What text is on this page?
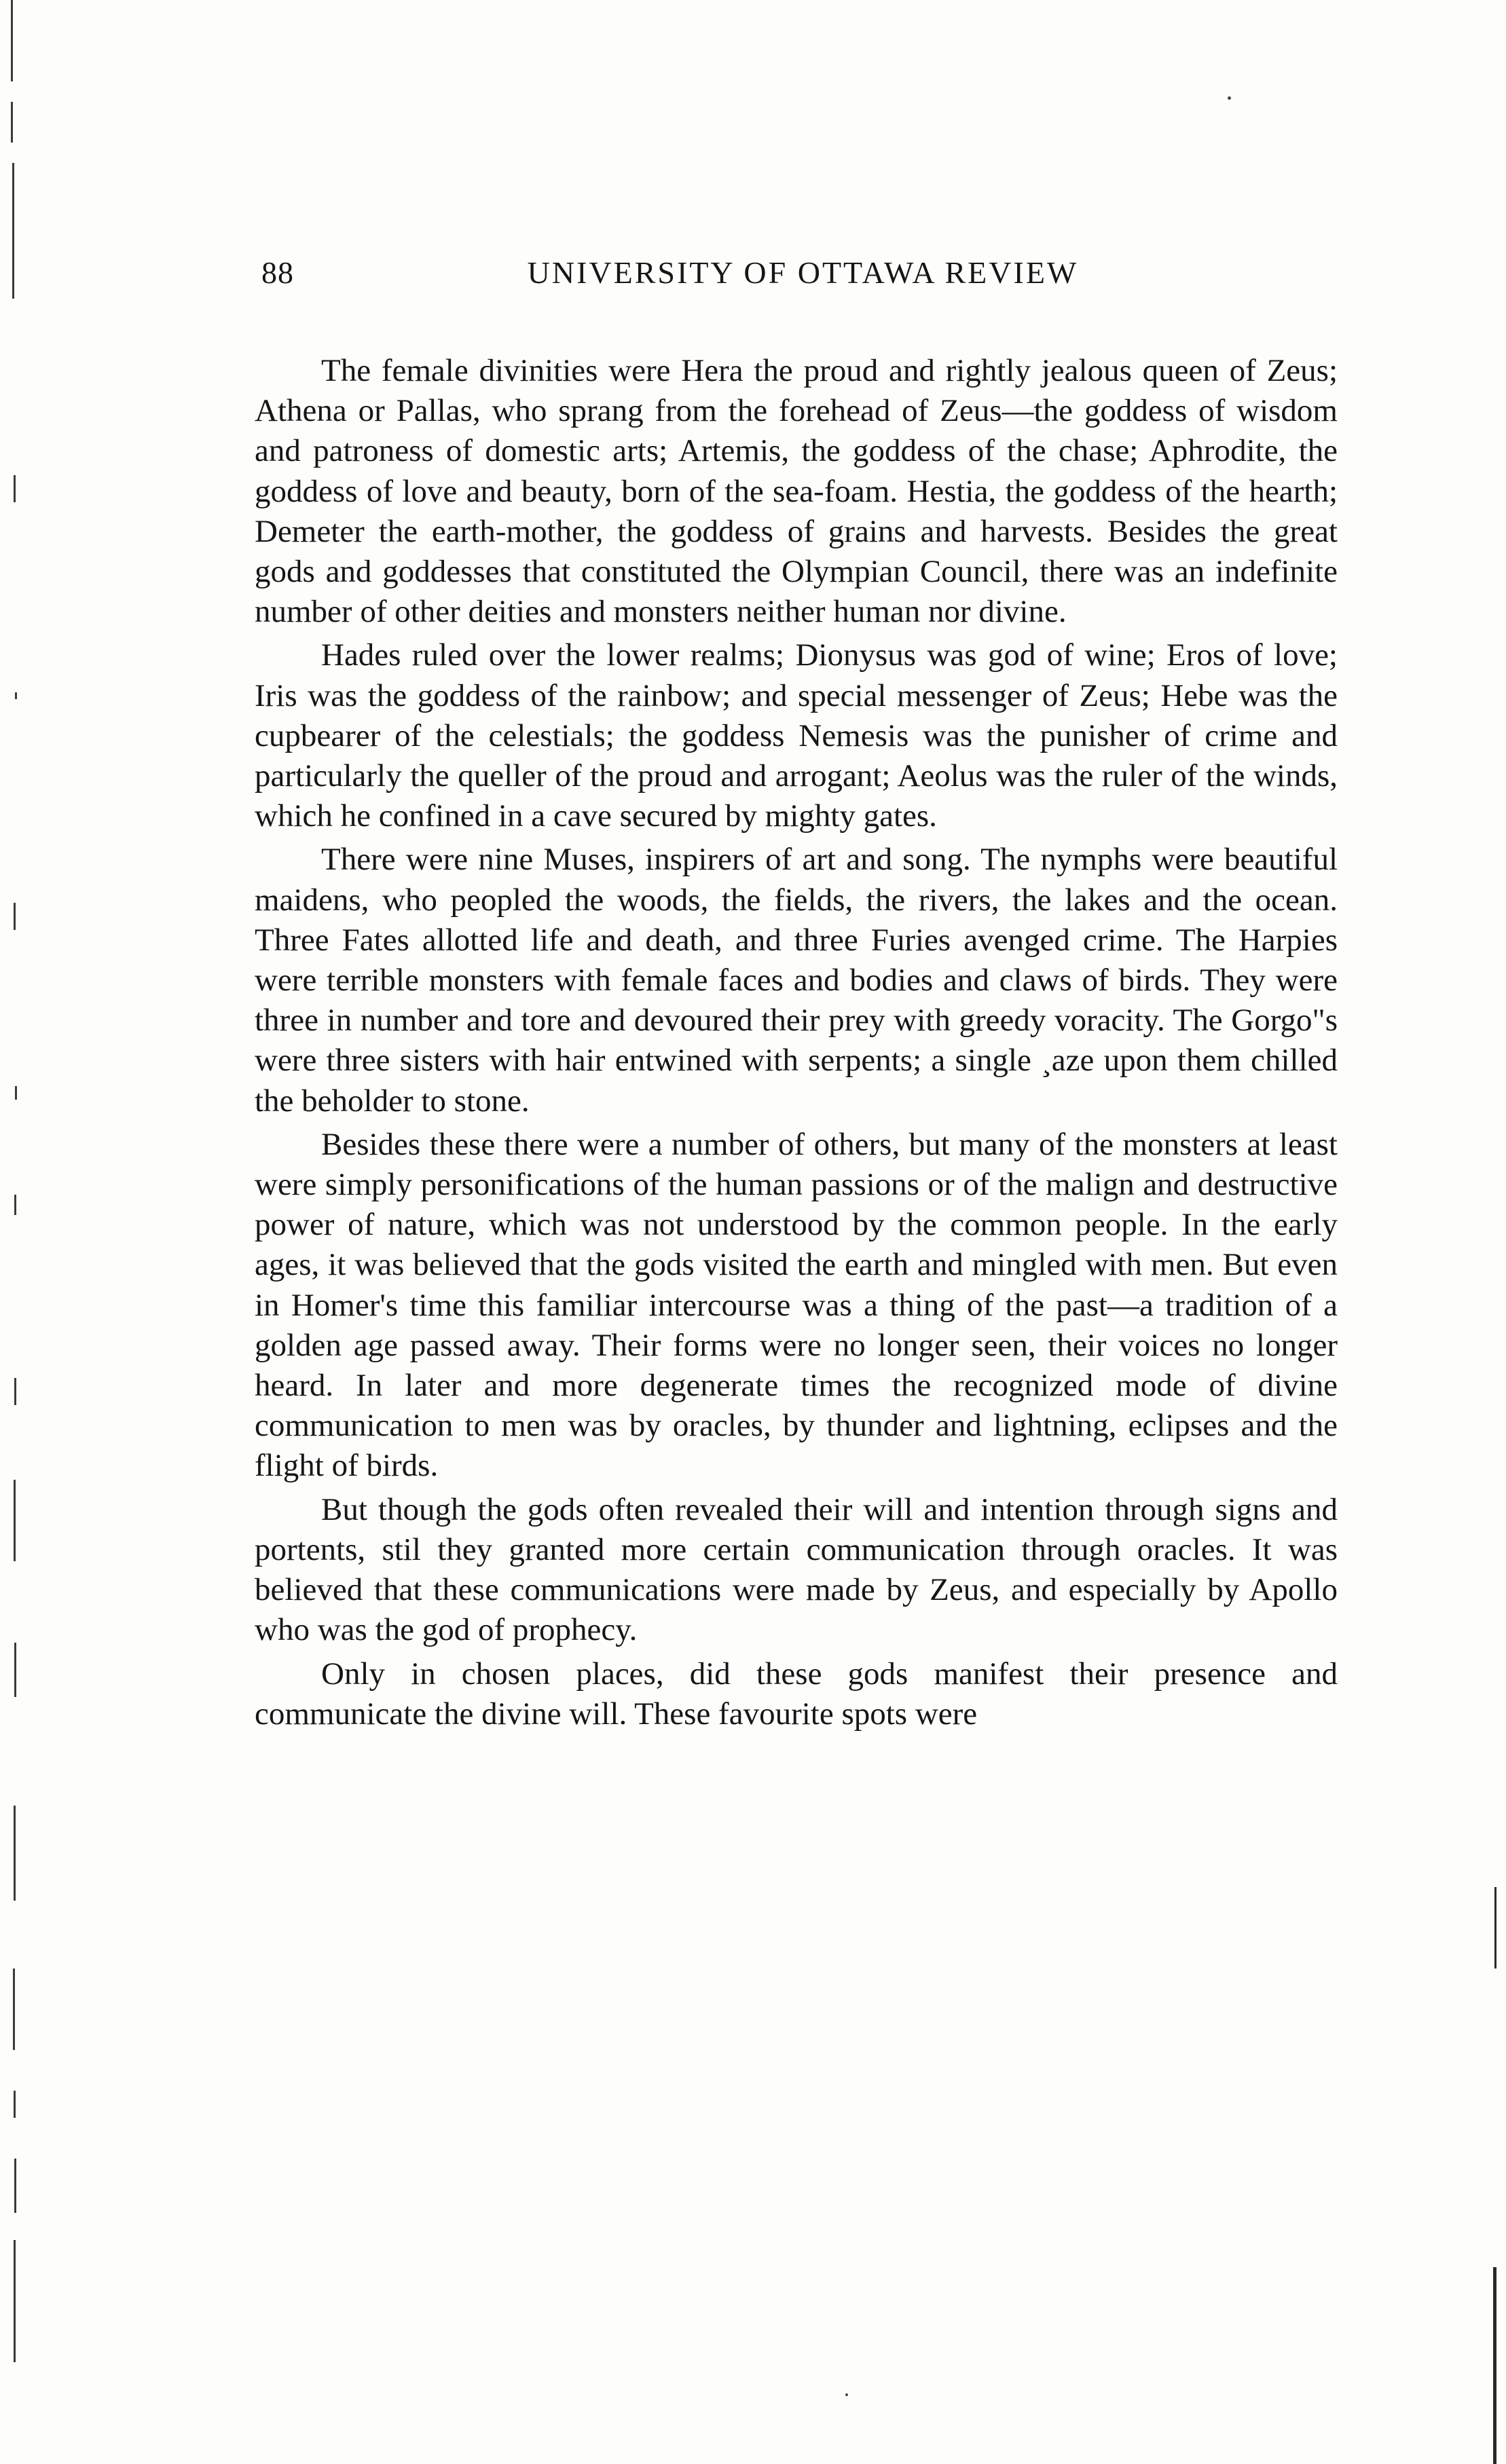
88	UNIVERSITY OF OTTAWA REVIEW

The female divinities were Hera the proud and rightly jealous queen of Zeus; Athena or Pallas, who sprang from the forehead of Zeus—the goddess of wisdom and patroness of domestic arts; Artemis, the goddess of the chase; Aphrodite, the goddess of love and beauty, born of the sea-foam. Hestia, the goddess of the hearth; Demeter the earth-mother, the goddess of grains and harvests. Besides the great gods and goddesses that constituted the Olympian Council, there was an indefinite number of other deities and monsters neither human nor divine.

Hades ruled over the lower realms; Dionysus was god of wine; Eros of love; Iris was the goddess of the rainbow; and special messenger of Zeus; Hebe was the cupbearer of the celestials; the goddess Nemesis was the punisher of crime and particularly the queller of the proud and arrogant; Aeolus was the ruler of the winds, which he confined in a cave secured by mighty gates.

There were nine Muses, inspirers of art and song. The nymphs were beautiful maidens, who peopled the woods, the fields, the rivers, the lakes and the ocean. Three Fates allotted life and death, and three Furies avenged crime. The Harpies were terrible monsters with female faces and bodies and claws of birds. They were three in number and tore and devoured their prey with greedy voracity. The Gorgo"s were three sisters with hair entwined with serpents; a single ¸aze upon them chilled the beholder to stone.

Besides these there were a number of others, but many of the monsters at least were simply personifications of the human passions or of the malign and destructive power of nature, which was not understood by the common people. In the early ages, it was believed that the gods visited the earth and mingled with men. But even in Homer's time this familiar intercourse was a thing of the past—a tradition of a golden age passed away. Their forms were no longer seen, their voices no longer heard. In later and more degenerate times the recognized mode of divine communication to men was by oracles, by thunder and lightning, eclipses and the flight of birds.

But though the gods often revealed their will and intention through signs and portents, stil they granted more certain communication through oracles. It was believed that these communications were made by Zeus, and especially by Apollo who was the god of prophecy.

Only in chosen places, did these gods manifest their presence and communicate the divine will. These favourite spots were
